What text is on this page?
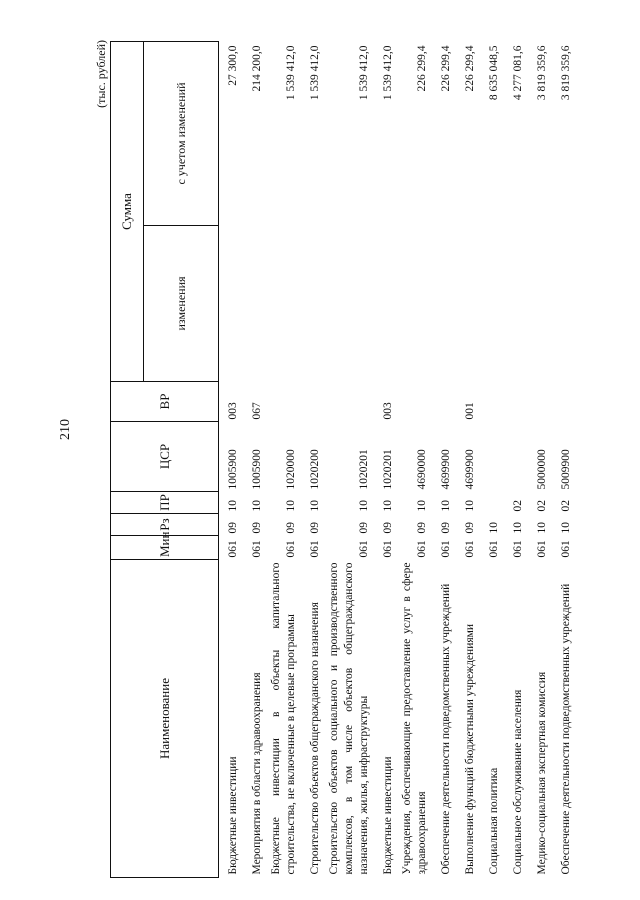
210
(тыс. рублей)
Наименование	Мин	Рз	ПР	ЦСР	ВР	Сумма	
						изменения	с учетом изменений
Бюджетные инвестиции	061	09	10	1005900	003		27 300,0
Мероприятия в области здравоохранения	061	09	10	1005900	067		214 200,0
Бюджетные инвестиции в объекты капитального строительства, не включенные в целевые программы	061	09	10	1020000			1 539 412,0
Строительство объектов общегражданского назначения	061	09	10	1020200			1 539 412,0
Строительство объектов социального и производственного комплексов, в том числе объектов общегражданского назначения, жилья, инфраструктуры	061	09	10	1020201			1 539 412,0
Бюджетные инвестиции	061	09	10	1020201	003		1 539 412,0
Учреждения, обеспечивающие предоставление услуг в сфере здравоохранения	061	09	10	4690000			226 299,4
Обеспечение деятельности подведомственных учреждений	061	09	10	4699900			226 299,4
Выполнение функций бюджетными учреждениями	061	09	10	4699900	001		226 299,4
Социальная политика	061	10					8 635 048,5
Социальное обслуживание населения	061	10	02				4 277 081,6
Медико-социальная экспертная комиссия	061	10	02	5000000			3 819 359,6
Обеспечение деятельности подведомственных учреждений	061	10	02	5009900			3 819 359,6
